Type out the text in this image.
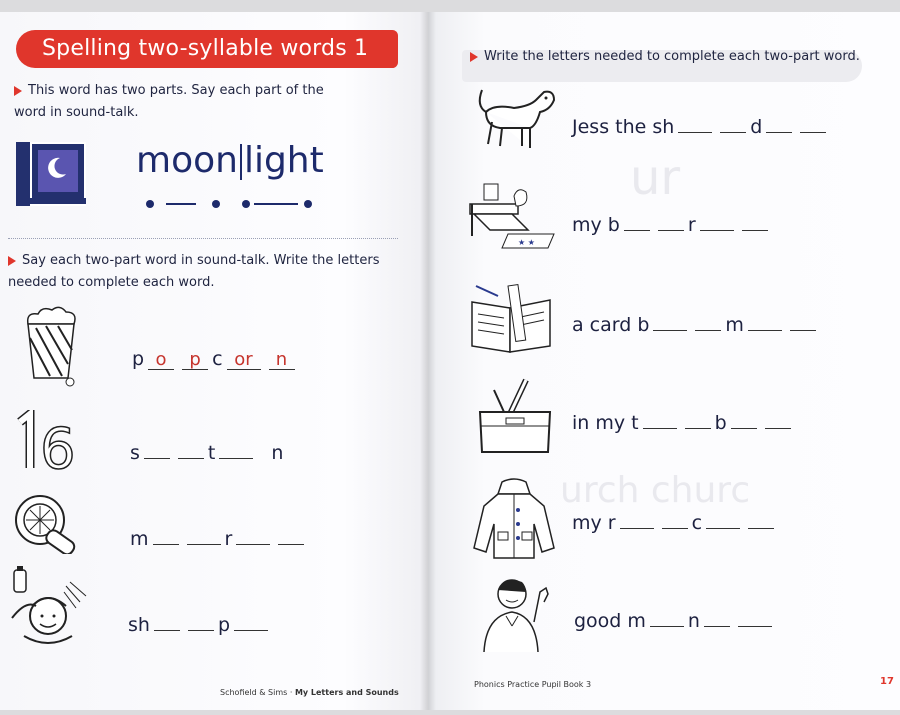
ur
urch churc
Spelling two-syllable words 1
This word has two parts. Say each part of the word in sound-talk.
moon light
Say each two-part word in sound-talk. Write the letters needed to complete each word.
p o p c or n
6	s	t	n
m	r
sh	p
Schofield & Sims · My Letters and Sounds
Write the letters needed to complete each two-part word.
Jess the sh	d
★ ★
my b	r
a card b	m
in my t	b
my r	c
good m n
Phonics Practice Pupil Book 3	17
